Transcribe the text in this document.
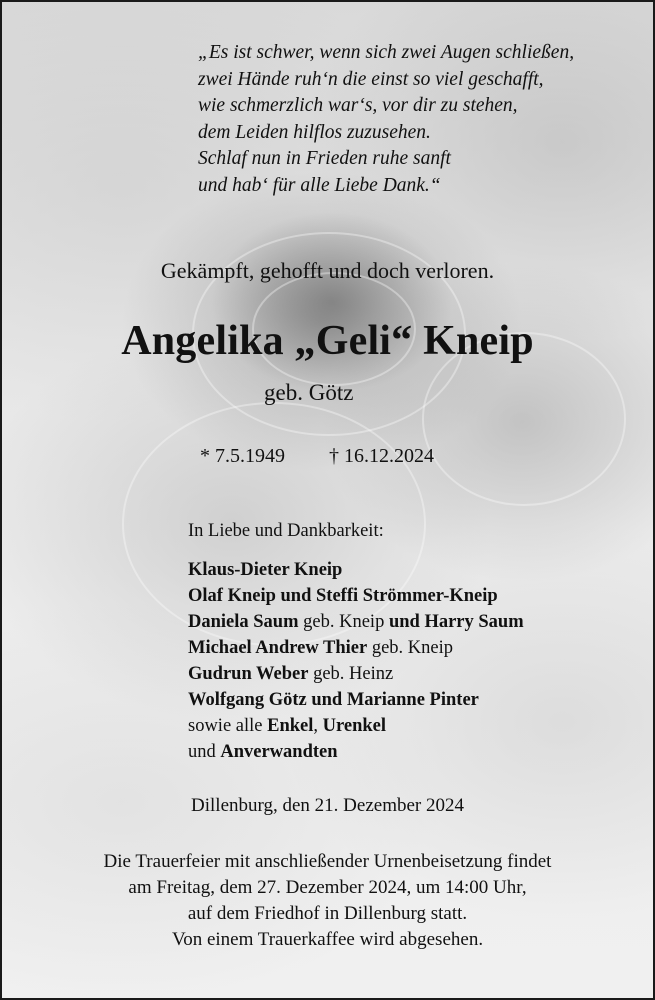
„Es ist schwer, wenn sich zwei Augen schließen,
zwei Hände ruh‘n die einst so viel geschafft,
wie schmerzlich war‘s, vor dir zu stehen,
dem Leiden hilflos zuzusehen.
Schlaf nun in Frieden ruhe sanft
und hab‘ für alle Liebe Dank.“
Gekämpft, gehofft und doch verloren.
Angelika „Geli“ Kneip
geb. Götz
* 7.5.1949 † 16.12.2024
In Liebe und Dankbarkeit:
Klaus-Dieter Kneip
Olaf Kneip und Steffi Strömmer-Kneip
Daniela Saum geb. Kneip und Harry Saum
Michael Andrew Thier geb. Kneip
Gudrun Weber geb. Heinz
Wolfgang Götz und Marianne Pinter
sowie alle Enkel, Urenkel
und Anverwandten
Dillenburg, den 21. Dezember 2024
Die Trauerfeier mit anschließender Urnenbeisetzung findet
am Freitag, dem 27. Dezember 2024, um 14:00 Uhr,
auf dem Friedhof in Dillenburg statt.
Von einem Trauerkaffee wird abgesehen.
